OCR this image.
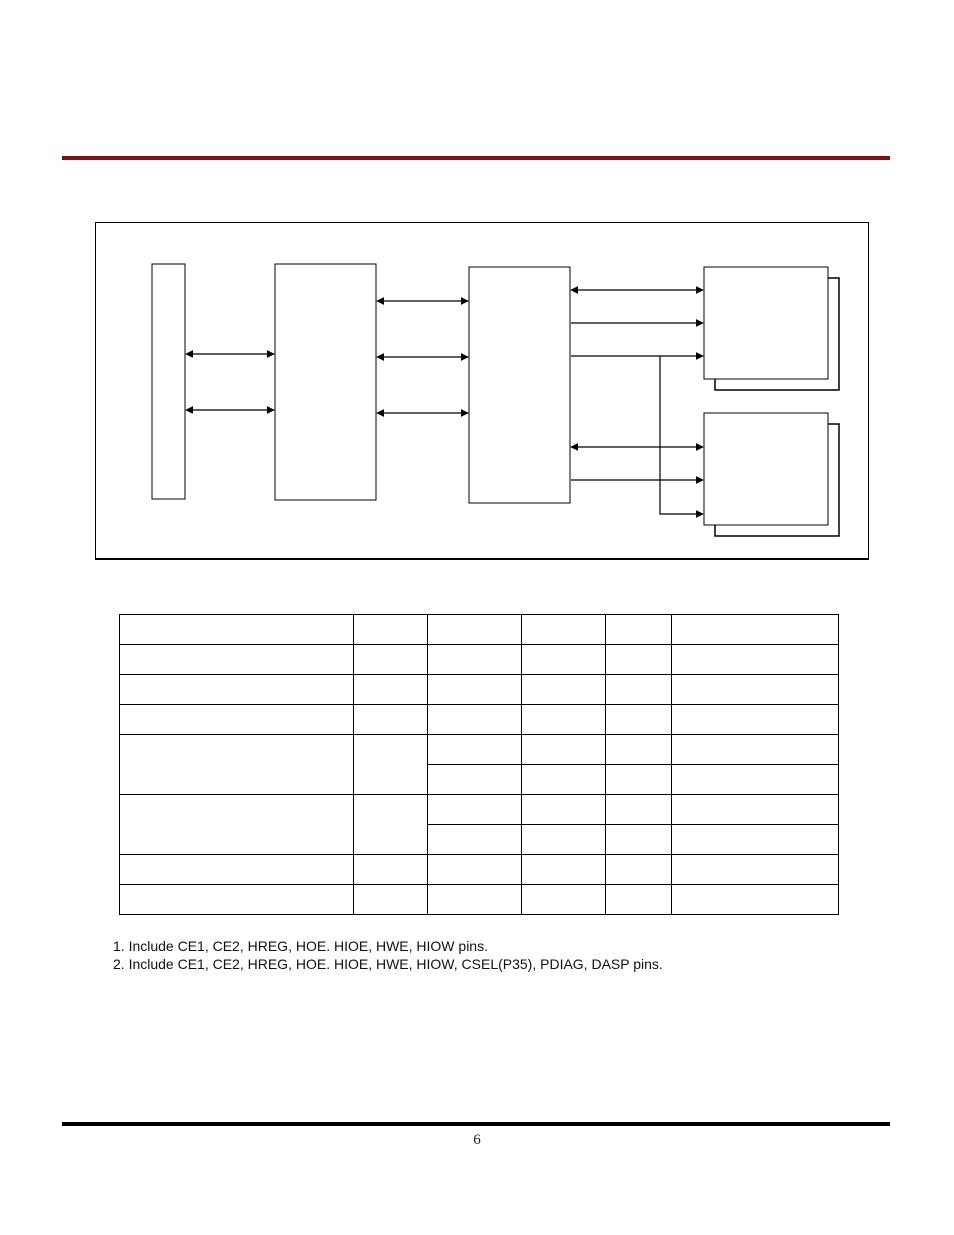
1. Include CE1, CE2, HREG, HOE. HIOE, HWE, HIOW pins.
2. Include CE1, CE2, HREG, HOE. HIOE, HWE, HIOW, CSEL(P35), PDIAG, DASP pins.
6
